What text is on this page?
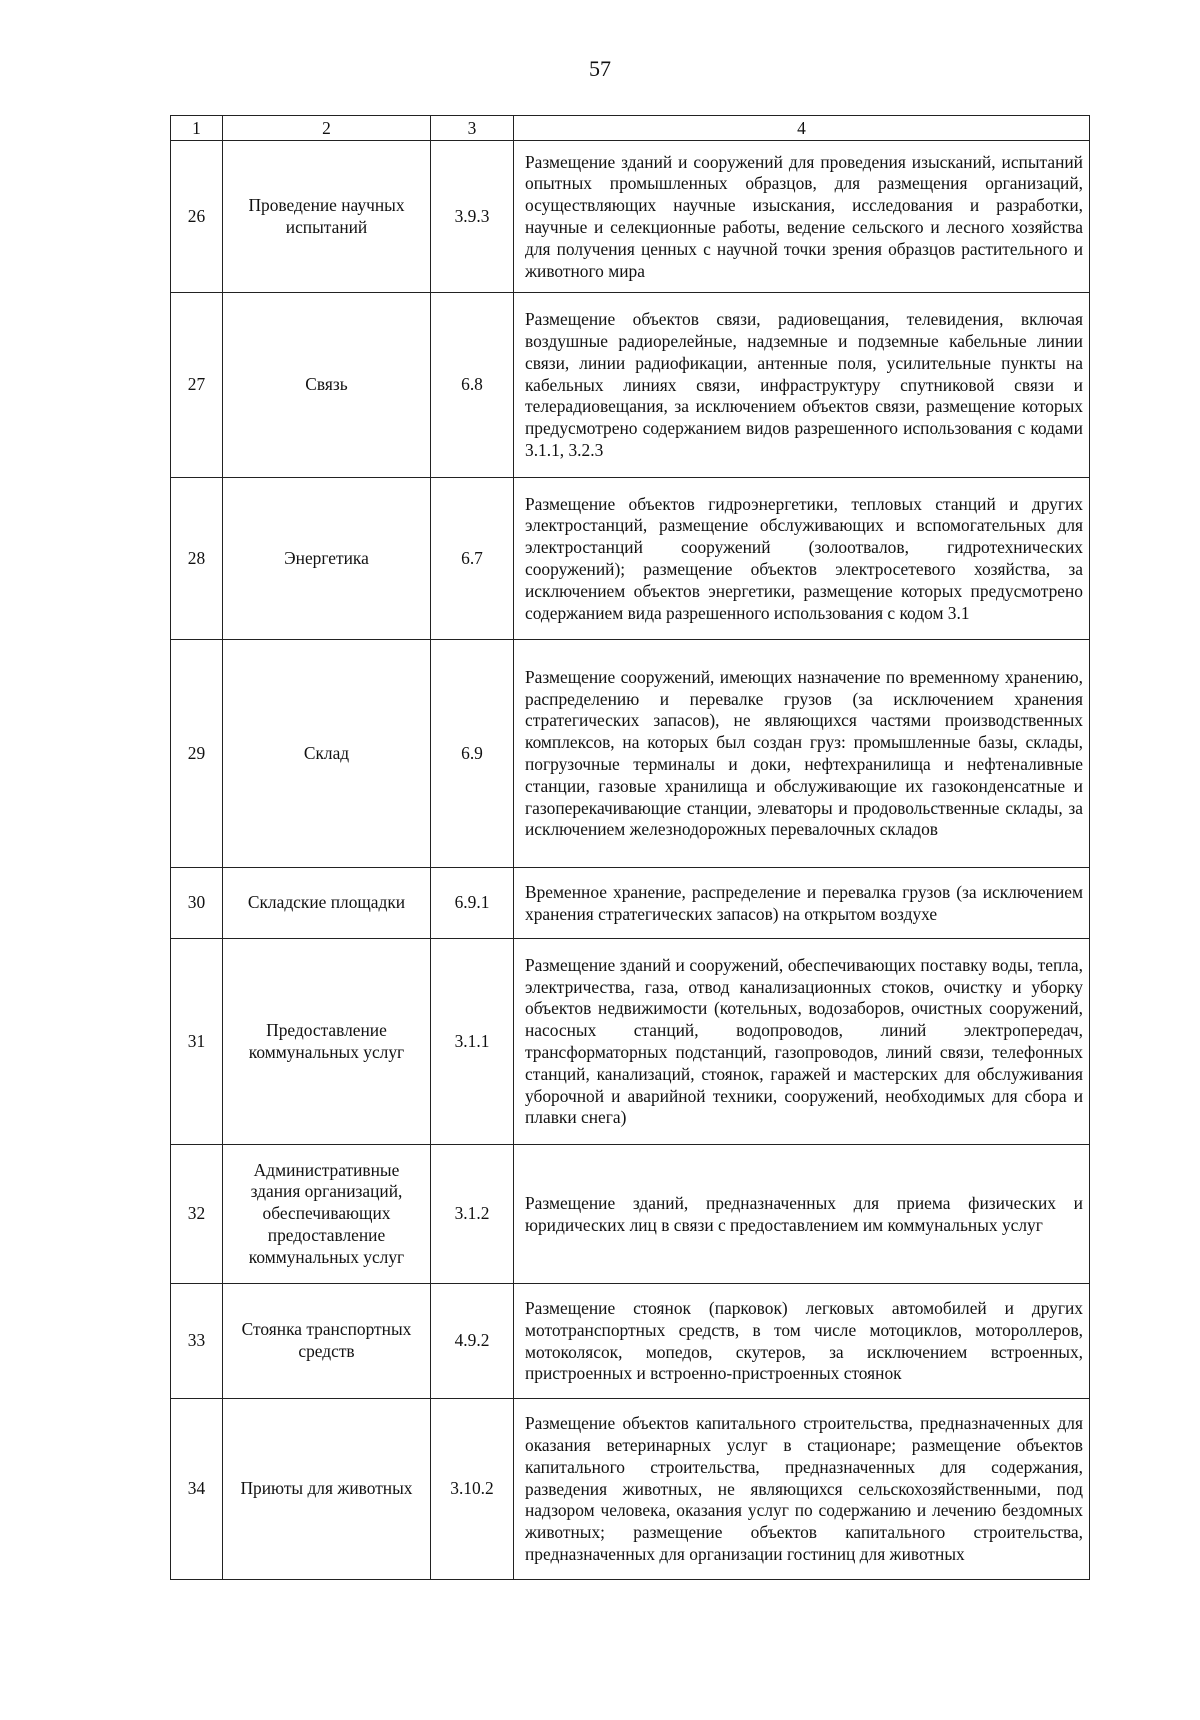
57
1	2	3	4
26	Проведение научных испытаний	3.9.3	Размещение зданий и сооружений для проведения изысканий, испытаний опытных промышленных образцов, для размещения организаций, осуществляющих научные изыскания, исследования и разработки, научные и селекционные работы, ведение сельского и лесного хозяйства для получения ценных с научной точки зрения образцов растительного и животного мира
27	Связь	6.8	Размещение объектов связи, радиовещания, телевидения, включая воздушные радиорелейные, надземные и подземные кабельные линии связи, линии радиофикации, антенные поля, усилительные пункты на кабельных линиях связи, инфраструктуру спутниковой связи и телерадиовещания, за исключением объектов связи, размещение которых предусмотрено содержанием видов разрешенного использования с кодами 3.1.1, 3.2.3
28	Энергетика	6.7	Размещение объектов гидроэнергетики, тепловых станций и других электростанций, размещение обслуживающих и вспомогательных для электростанций сооружений (золоотвалов, гидротехнических сооружений); размещение объектов электросетевого хозяйства, за исключением объектов энергетики, размещение которых предусмотрено содержанием вида разрешенного использования с кодом 3.1
29	Склад	6.9	Размещение сооружений, имеющих назначение по временному хранению, распределению и перевалке грузов (за исключением хранения стратегических запасов), не являющихся частями производственных комплексов, на которых был создан груз: промышленные базы, склады, погрузочные терминалы и доки, нефтехранилища и нефтеналивные станции, газовые хранилища и обслуживающие их газоконденсатные и газоперекачивающие станции, элеваторы и продовольственные склады, за исключением железнодорожных перевалочных складов
30	Складские площадки	6.9.1	Временное хранение, распределение и перевалка грузов (за исключением хранения стратегических запасов) на открытом воздухе
31	Предоставление коммунальных услуг	3.1.1	Размещение зданий и сооружений, обеспечивающих поставку воды, тепла, электричества, газа, отвод канализационных стоков, очистку и уборку объектов недвижимости (котельных, водозаборов, очистных сооружений, насосных станций, водопроводов, линий электропередач, трансформаторных подстанций, газопроводов, линий связи, телефонных станций, канализаций, стоянок, гаражей и мастерских для обслуживания уборочной и аварийной техники, сооружений, необходимых для сбора и плавки снега)
32	Административные здания организаций, обеспечивающих предоставление коммунальных услуг	3.1.2	Размещение зданий, предназначенных для приема физических и юридических лиц в связи с предоставлением им коммунальных услуг
33	Стоянка транспортных средств	4.9.2	Размещение стоянок (парковок) легковых автомобилей и других мототранспортных средств, в том числе мотоциклов, мотороллеров, мотоколясок, мопедов, скутеров, за исключением встроенных, пристроенных и встроенно-пристроенных стоянок
34	Приюты для животных	3.10.2	Размещение объектов капитального строительства, предназначенных для оказания ветеринарных услуг в стационаре; размещение объектов капитального строительства, предназначенных для содержания, разведения животных, не являющихся сельскохозяйственными, под надзором человека, оказания услуг по содержанию и лечению бездомных животных; размещение объектов капитального строительства, предназначенных для организации гостиниц для животных
